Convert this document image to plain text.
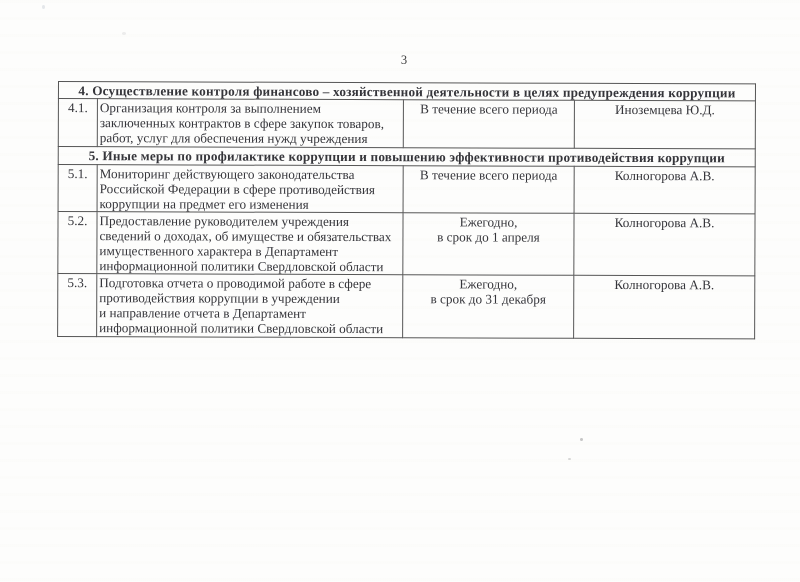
3
4. Осуществление контроля финансово – хозяйственной деятельности в целях предупреждения коррупции			

4.1.	Организация контроля за выполнением
заключенных контрактов в сфере закупок товаров,
работ, услуг для обеспечения нужд учреждения	В течение всего периода	Иноземцева Ю.Д.

5. Иные меры по профилактике коррупции и повышению эффективности противодействия коррупции			

5.1.	Мониторинг действующего законодательства
Российской Федерации в сфере противодействия
коррупции на предмет его изменения	В течение всего периода	Колногорова А.В.

5.2.	Предоставление руководителем учреждения
сведений о доходах, об имуществе и обязательствах
имущественного характера в Департамент
информационной политики Свердловской области	Ежегодно,
в срок до 1 апреля	Колногорова А.В.

5.3.	Подготовка отчета о проводимой работе в сфере
противодействия коррупции в учреждении
и направление отчета в Департамент
информационной политики Свердловской области	Ежегодно,
в срок до 31 декабря	Колногорова А.В.
